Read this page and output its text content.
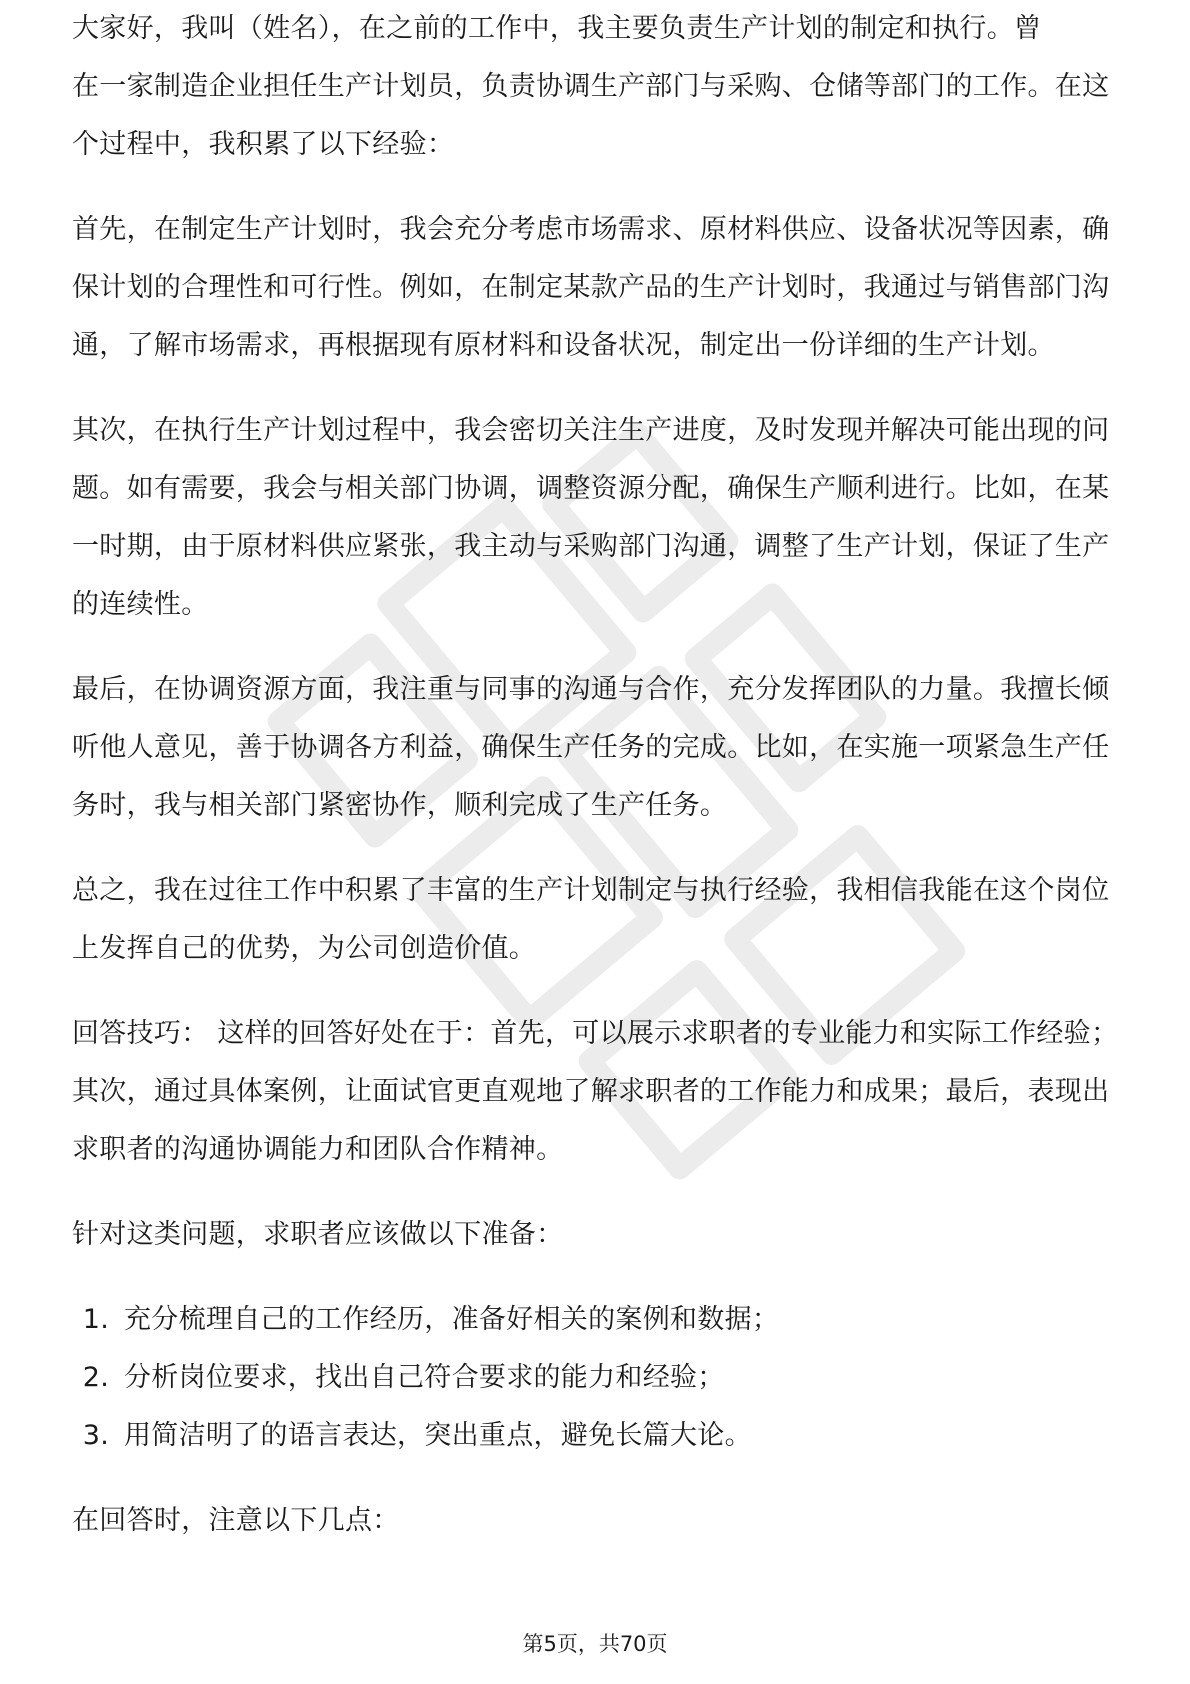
大家好，我叫（姓名），在之前的工作中，我主要负责生产计划的制定和执行。曾

在一家制造企业担任生产计划员，负责协调生产部门与采购、仓储等部门的工作。在这个过程中，我积累了以下经验：

首先，在制定生产计划时，我会充分考虑市场需求、原材料供应、设备状况等因素，确保计划的合理性和可行性。例如，在制定某款产品的生产计划时，我通过与销售部门沟通，了解市场需求，再根据现有原材料和设备状况，制定出一份详细的生产计划。

其次，在执行生产计划过程中，我会密切关注生产进度，及时发现并解决可能出现的问题。如有需要，我会与相关部门协调，调整资源分配，确保生产顺利进行。比如，在某一时期，由于原材料供应紧张，我主动与采购部门沟通，调整了生产计划，保证了生产的连续性。

最后，在协调资源方面，我注重与同事的沟通与合作，充分发挥团队的力量。我擅长倾听他人意见，善于协调各方利益，确保生产任务的完成。比如，在实施一项紧急生产任务时，我与相关部门紧密协作，顺利完成了生产任务。

总之，我在过往工作中积累了丰富的生产计划制定与执行经验，我相信我能在这个岗位上发挥自己的优势，为公司创造价值。

回答技巧： 这样的回答好处在于：首先，可以展示求职者的专业能力和实际工作经验；其次，通过具体案例，让面试官更直观地了解求职者的工作能力和成果；最后，表现出求职者的沟通协调能力和团队合作精神。

针对这类问题，求职者应该做以下准备：

1. 充分梳理自己的工作经历，准备好相关的案例和数据；
2. 分析岗位要求，找出自己符合要求的能力和经验；
3. 用简洁明了的语言表达，突出重点，避免长篇大论。

在回答时，注意以下几点：

第5页，共70页
